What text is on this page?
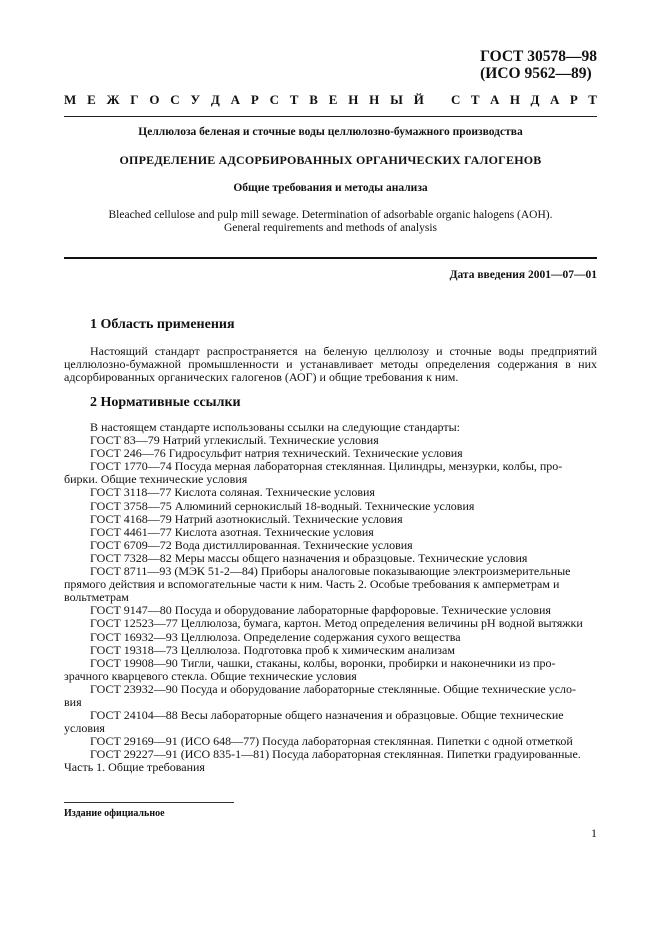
ГОСТ 30578—98
(ИСО 9562—89)
М Е Ж Г О С У Д А Р С Т В Е Н Н Ы Й С Т А Н Д А Р Т
Целлюлоза беленая и сточные воды целлюлозно-бумажного производства
ОПРЕДЕЛЕНИЕ АДСОРБИРОВАННЫХ ОРГАНИЧЕСКИХ ГАЛОГЕНОВ
Общие требования и методы анализа
Bleached cellulose and pulp mill sewage. Determination of adsorbable organic halogens (AOH).
General requirements and methods of analysis
Дата введения 2001—07—01
1 Область применения
Настоящий стандарт распространяется на беленую целлюлозу и сточные воды предприятий целлюлозно-бумажной промышленности и устанавливает методы определения содержания в них адсорбированных органических галогенов (АОГ) и общие требования к ним.
2 Нормативные ссылки
В настоящем стандарте использованы ссылки на следующие стандарты:
ГОСТ 83—79 Натрий углекислый. Технические условия
ГОСТ 246—76 Гидросульфит натрия технический. Технические условия
ГОСТ 1770—74 Посуда мерная лабораторная стеклянная. Цилиндры, мензурки, колбы, про-
бирки. Общие технические условия
ГОСТ 3118—77 Кислота соляная. Технические условия
ГОСТ 3758—75 Алюминий сернокислый 18-водный. Технические условия
ГОСТ 4168—79 Натрий азотнокислый. Технические условия
ГОСТ 4461—77 Кислота азотная. Технические условия
ГОСТ 6709—72 Вода дистиллированная. Технические условия
ГОСТ 7328—82 Меры массы общего назначения и образцовые. Технические условия
ГОСТ 8711—93 (МЭК 51-2—84) Приборы аналоговые показывающие электроизмерительные
прямого действия и вспомогательные части к ним. Часть 2. Особые требования к амперметрам и
вольтметрам
ГОСТ 9147—80 Посуда и оборудование лабораторные фарфоровые. Технические условия
ГОСТ 12523—77 Целлюлоза, бумага, картон. Метод определения величины рН водной вытяжки
ГОСТ 16932—93 Целлюлоза. Определение содержания сухого вещества
ГОСТ 19318—73 Целлюлоза. Подготовка проб к химическим анализам
ГОСТ 19908—90 Тигли, чашки, стаканы, колбы, воронки, пробирки и наконечники из про-
зрачного кварцевого стекла. Общие технические условия
ГОСТ 23932—90 Посуда и оборудование лабораторные стеклянные. Общие технические усло-
вия
ГОСТ 24104—88 Весы лабораторные общего назначения и образцовые. Общие технические
условия
ГОСТ 29169—91 (ИСО 648—77) Посуда лабораторная стеклянная. Пипетки с одной отметкой
ГОСТ 29227—91 (ИСО 835-1—81) Посуда лабораторная стеклянная. Пипетки градуированные.
Часть 1. Общие требования
Издание официальное
1
